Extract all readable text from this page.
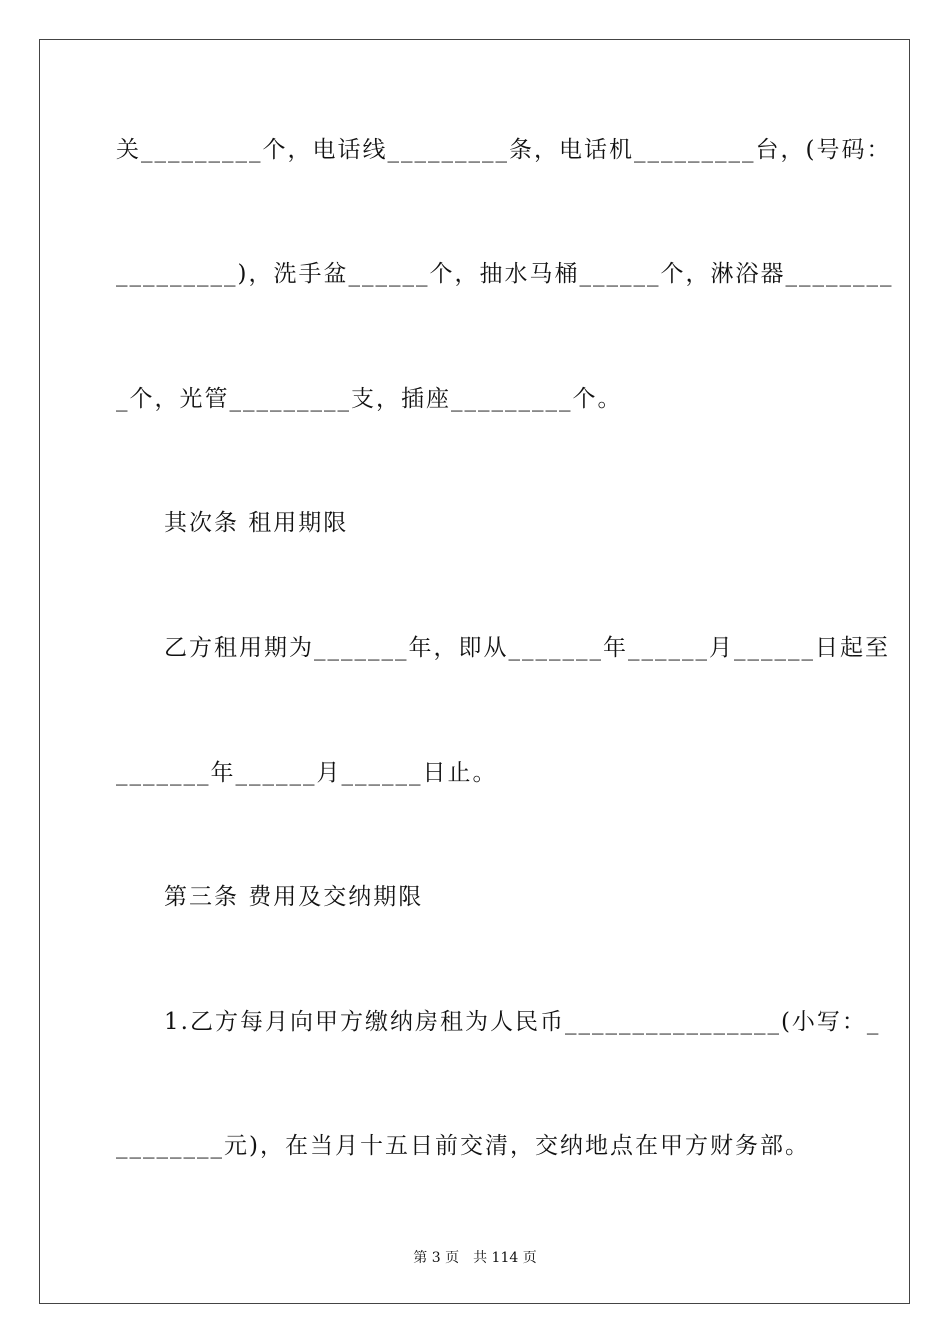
关_________个，电话线_________条，电话机_________台，(号码：
_________)，洗手盆______个，抽水马桶______个，淋浴器________
_个，光管_________支，插座_________个。
其次条 租用期限
乙方租用期为_______年，即从_______年______月______日起至
_______年______月______日止。
第三条 费用及交纳期限
1.乙方每月向甲方缴纳房租为人民币________________(小写：_
________元)，在当月十五日前交清，交纳地点在甲方财务部。
第 3 页　共 114 页
